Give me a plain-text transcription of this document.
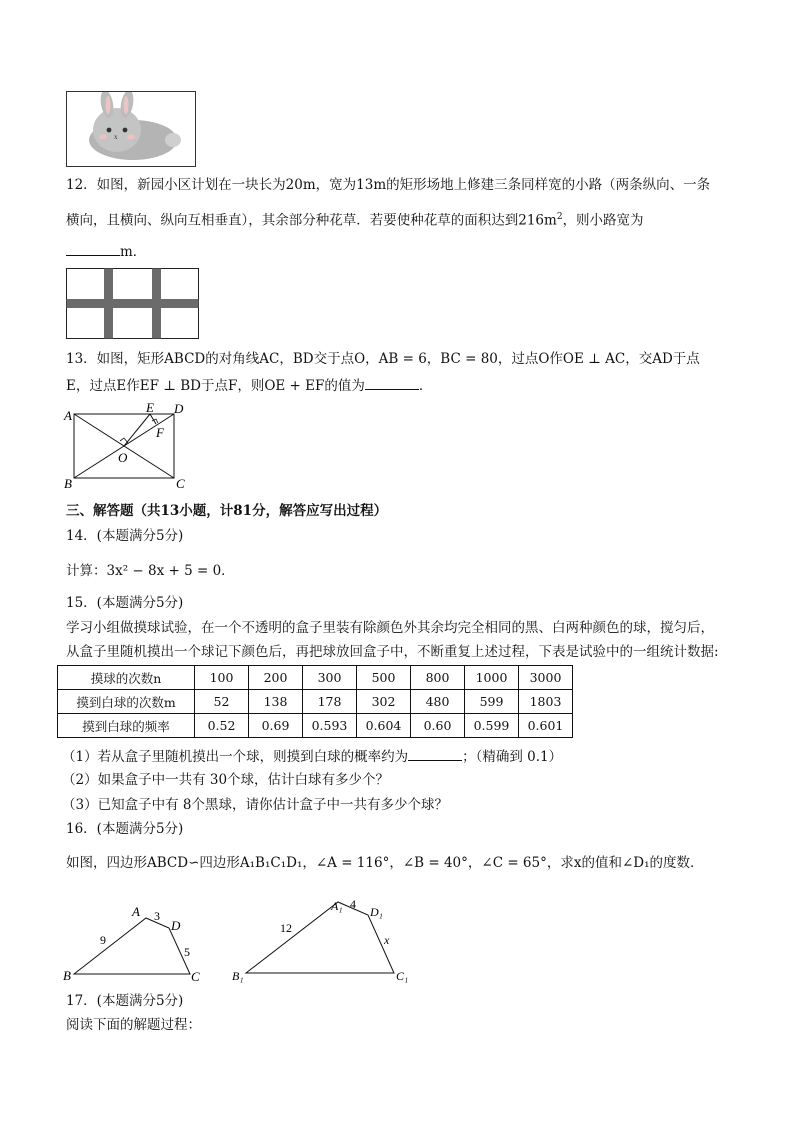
x
12．如图，新园小区计划在一块长为20m，宽为13m的矩形场地上修建三条同样宽的小路（两条纵向、一条
横向，且横向、纵向互相垂直），其余部分种花草．若要使种花草的面积达到$216m^2$，则小路宽为
m．
13．如图，矩形ABCD的对角线AC，BD交于点O，AB = 6，BC = 80，过点O作OE ⊥ AC，交AD于点
E，过点E作EF ⊥ BD于点F，则OE + EF的值为	．
A
B	C
D
E
F
O
三、解答题（共13小题，计81分，解答应写出过程）
14．(本题满分5分)
计算：3x² − 8x + 5 = 0．
15．(本题满分5分)
学习小组做摸球试验，在一个不透明的盒子里装有除颜色外其余均完全相同的黑、白两种颜色的球，搅匀后，
从盒子里随机摸出一个球记下颜色后，再把球放回盒子中，不断重复上述过程，下表是试验中的一组统计数据:
摸球的次数n	100	200	300	500	800	1000	3000
摸到白球的次数m	52	138	178	302	480	599	1803
摸到白球的频率	0.52	0.69	0.593	0.604	0.60	0.599	0.601
（1）若从盒子里随机摸出一个球，则摸到白球的概率约为	；（精确到 0.1）
（2）如果盒子中一共有 30个球，估计白球有多少个？
（3）已知盒子中有 8个黑球，请你估计盒子中一共有多少个球？
16．(本题满分5分)
如图，四边形ABCD∽四边形A₁B₁C₁D₁，∠A = 116°，∠B = 40°，∠C = 65°，求x的值和∠D₁的度数．
B
A
D
C
9
3
5
B₁
A₁ D₁
C₁
12
4
x
17．(本题满分5分)
阅读下面的解题过程：
